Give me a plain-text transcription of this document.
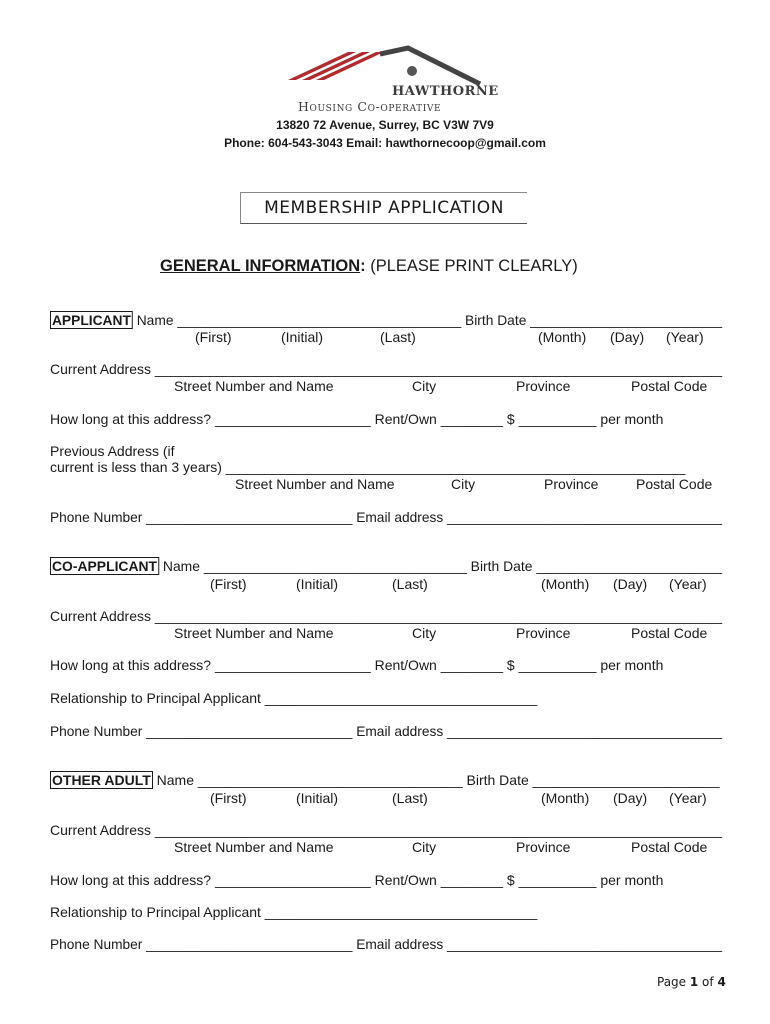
HAWTHORNE
Housing Co-operative
13820 72 Avenue, Surrey, BC V3W 7V9
Phone: 604-543-3043 Email: hawthornecoop@gmail.com
MEMBERSHIP APPLICATION
GENERAL INFORMATION: (PLEASE PRINT CLEARLY)
APPLICANT Name _____________________________________ Birth Date _________________________
(First)	(Initial)	(Last)	(Month) (Day) (Year)
Current Address _________________________________________________________________________
Street Number and Name	City	Province	Postal Code
How long at this address? ____________________ Rent/Own ________ $ __________ per month
Previous Address (if
current is less than 3 years) ___________________________________________________________
Street Number and Name	City	Province	Postal Code
Phone Number ___________________________ Email address ____________________________________
CO-APPLICANT Name __________________________________ Birth Date ________________________
(First)	(Initial)	(Last)	(Month) (Day) (Year)
Current Address _________________________________________________________________________
Street Number and Name	City	Province	Postal Code
How long at this address? ____________________ Rent/Own ________ $ __________ per month
Relationship to Principal Applicant ___________________________________
Phone Number ___________________________ Email address ____________________________________
OTHER ADULT Name __________________________________ Birth Date ________________________
(First)	(Initial)	(Last)	(Month) (Day) (Year)
Current Address _________________________________________________________________________
Street Number and Name	City	Province	Postal Code
How long at this address? ____________________ Rent/Own ________ $ __________ per month
Relationship to Principal Applicant ___________________________________
Phone Number ___________________________ Email address ____________________________________
Page 1 of 4
